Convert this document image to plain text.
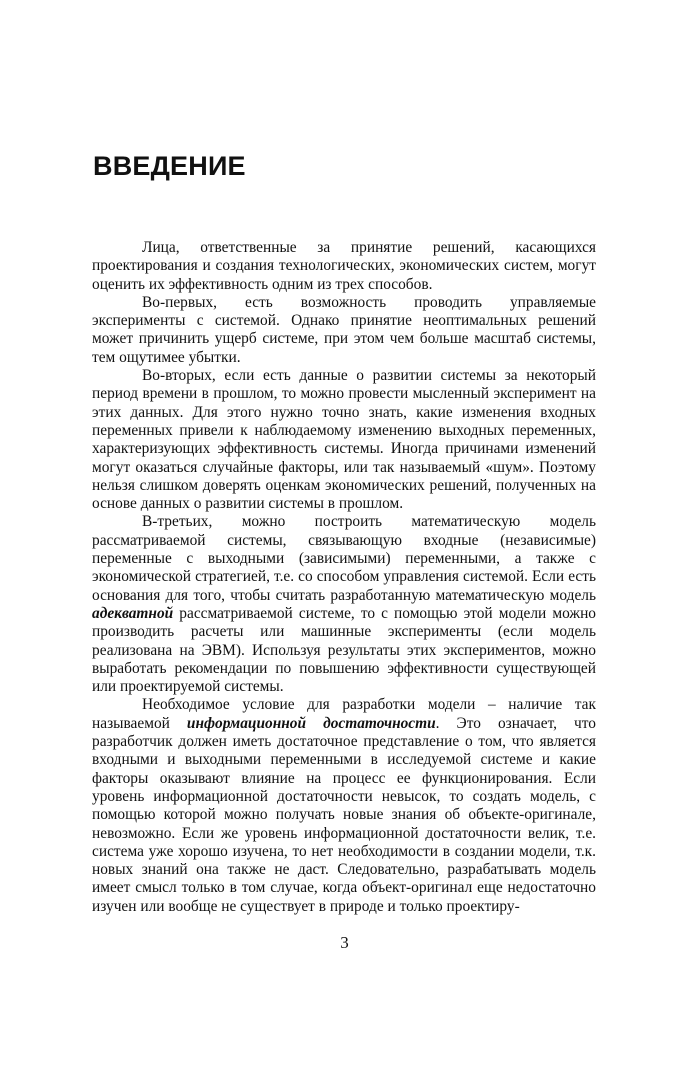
ВВЕДЕНИЕ

Лица, ответственные за принятие решений, касающихся проектирования и создания технологических, экономических систем, могут оценить их эффективность одним из трех способов.

Во-первых, есть возможность проводить управляемые эксперименты с системой. Однако принятие неоптимальных решений может причинить ущерб системе, при этом чем больше масштаб системы, тем ощутимее убытки.

Во-вторых, если есть данные о развитии системы за некоторый период времени в прошлом, то можно провести мысленный эксперимент на этих данных. Для этого нужно точно знать, какие изменения входных переменных привели к наблюдаемому изменению выходных переменных, характеризующих эффективность системы. Иногда причинами изменений могут оказаться случайные факторы, или так называемый «шум». Поэтому нельзя слишком доверять оценкам экономических решений, полученных на основе данных о развитии системы в прошлом.

В-третьих, можно построить математическую модель рассматриваемой системы, связывающую входные (независимые) переменные с выходными (зависимыми) переменными, а также с экономической стратегией, т.е. со способом управления системой. Если есть основания для того, чтобы считать разработанную математическую модель адекватной рассматриваемой системе, то с помощью этой модели можно производить расчеты или машинные эксперименты (если модель реализована на ЭВМ). Используя результаты этих экспериментов, можно выработать рекомендации по повышению эффективности существующей или проектируемой системы.

Необходимое условие для разработки модели – наличие так называемой информационной достаточности. Это означает, что разработчик должен иметь достаточное представление о том, что является входными и выходными переменными в исследуемой системе и какие факторы оказывают влияние на процесс ее функционирования. Если уровень информационной достаточности невысок, то создать модель, с помощью которой можно получать новые знания об объекте-оригинале, невозможно. Если же уровень информационной достаточности велик, т.е. система уже хорошо изучена, то нет необходимости в создании модели, т.к. новых знаний она также не даст. Следовательно, разрабатывать модель имеет смысл только в том случае, когда объект-оригинал еще недостаточно изучен или вообще не существует в природе и только проектиру-

3
